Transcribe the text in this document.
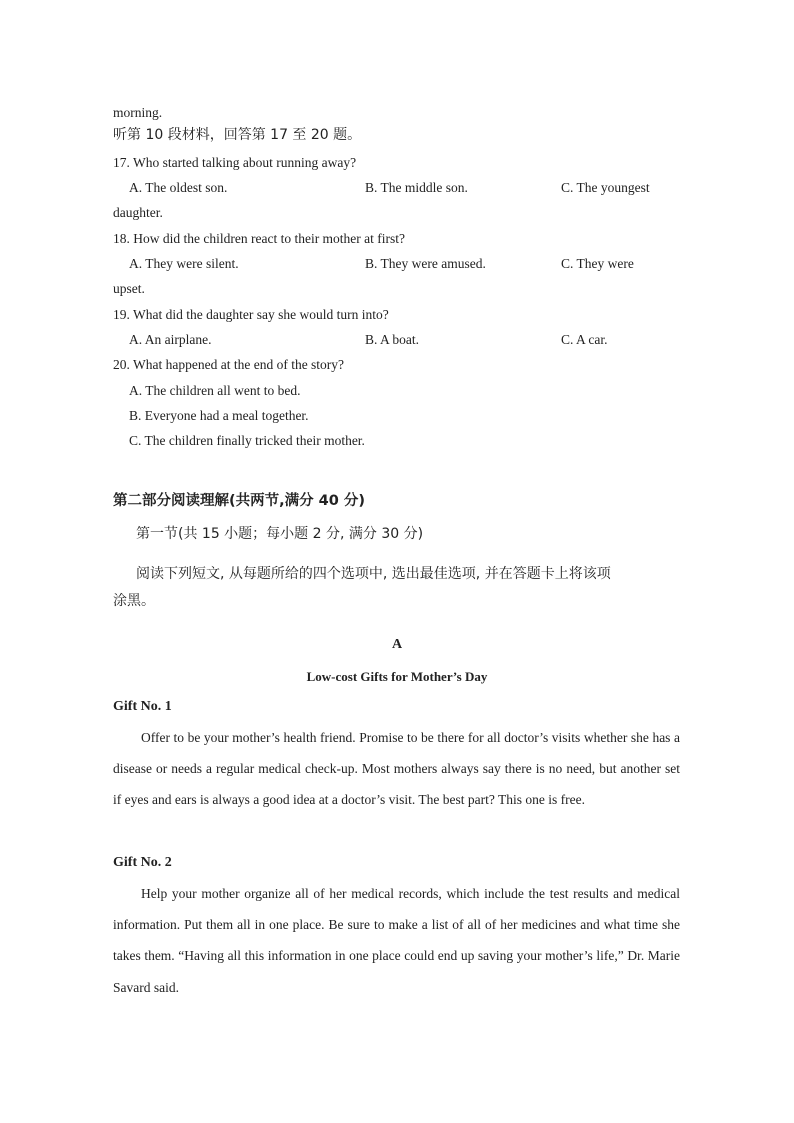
morning.
听第 10 段材料，回答第 17 至 20 题。
17. Who started talking about running away?
A. The oldest son.	B. The middle son.	C. The youngest
daughter.
18. How did the children react to their mother at first?
A. They were silent.	B. They were amused.	C. They were
upset.
19. What did the daughter say she would turn into?
A. An airplane.	B. A boat.	C. A car.
20. What happened at the end of the story?
A. The children all went to bed.
B. Everyone had a meal together.
C. The children finally tricked their mother.
第二部分阅读理解(共两节,满分 40 分)
第一节(共 15 小题；每小题 2 分, 满分 30 分)
阅读下列短文, 从每题所给的四个选项中, 选出最佳选项, 并在答题卡上将该项
涂黑。
A
Low-cost Gifts for Mother’s Day
Gift No. 1
Offer to be your mother’s health friend. Promise to be there for all doctor’s visits whether she has a disease or needs a regular medical check-up. Most mothers always say there is no need, but another set if eyes and ears is always a good idea at a doctor’s visit. The best part? This one is free.
Gift No. 2
Help your mother organize all of her medical records, which include the test results and medical information. Put them all in one place. Be sure to make a list of all of her medicines and what time she takes them. “Having all this information in one place could end up saving your mother’s life,” Dr. Marie Savard said.
